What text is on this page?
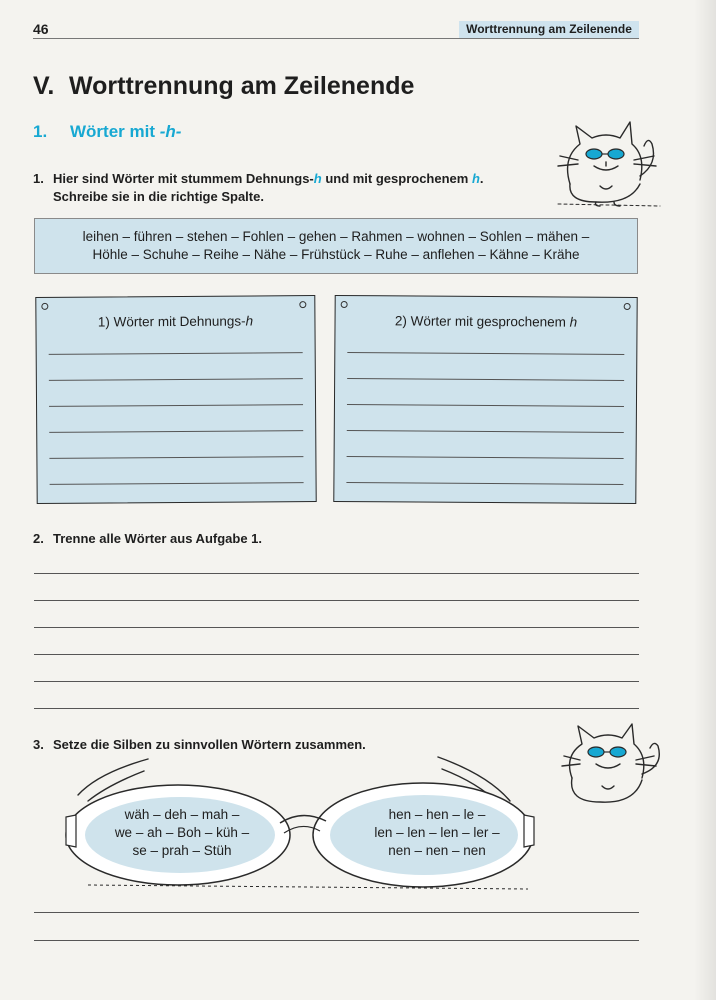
46	Worttrennung am Zeilenende
V. Worttrennung am Zeilenende
1. Wörter mit -h-
1. Hier sind Wörter mit stummem Dehnungs-h und mit gesprochenem h.
Schreibe sie in die richtige Spalte.
leihen – führen – stehen – Fohlen – gehen – Rahmen – wohnen – Sohlen – mähen –
Höhle – Schuhe – Reihe – Nähe – Frühstück – Ruhe – anflehen – Kähne – Krähe
1) Wörter mit Dehnungs-h	2) Wörter mit gesprochenem h
2. Trenne alle Wörter aus Aufgabe 1.
3. Setze die Silben zu sinnvollen Wörtern zusammen.
wäh – deh – mah –
we – ah – Boh – küh –
se – prah – Stüh
hen – hen – le –
len – len – len – ler –
nen – nen – nen
